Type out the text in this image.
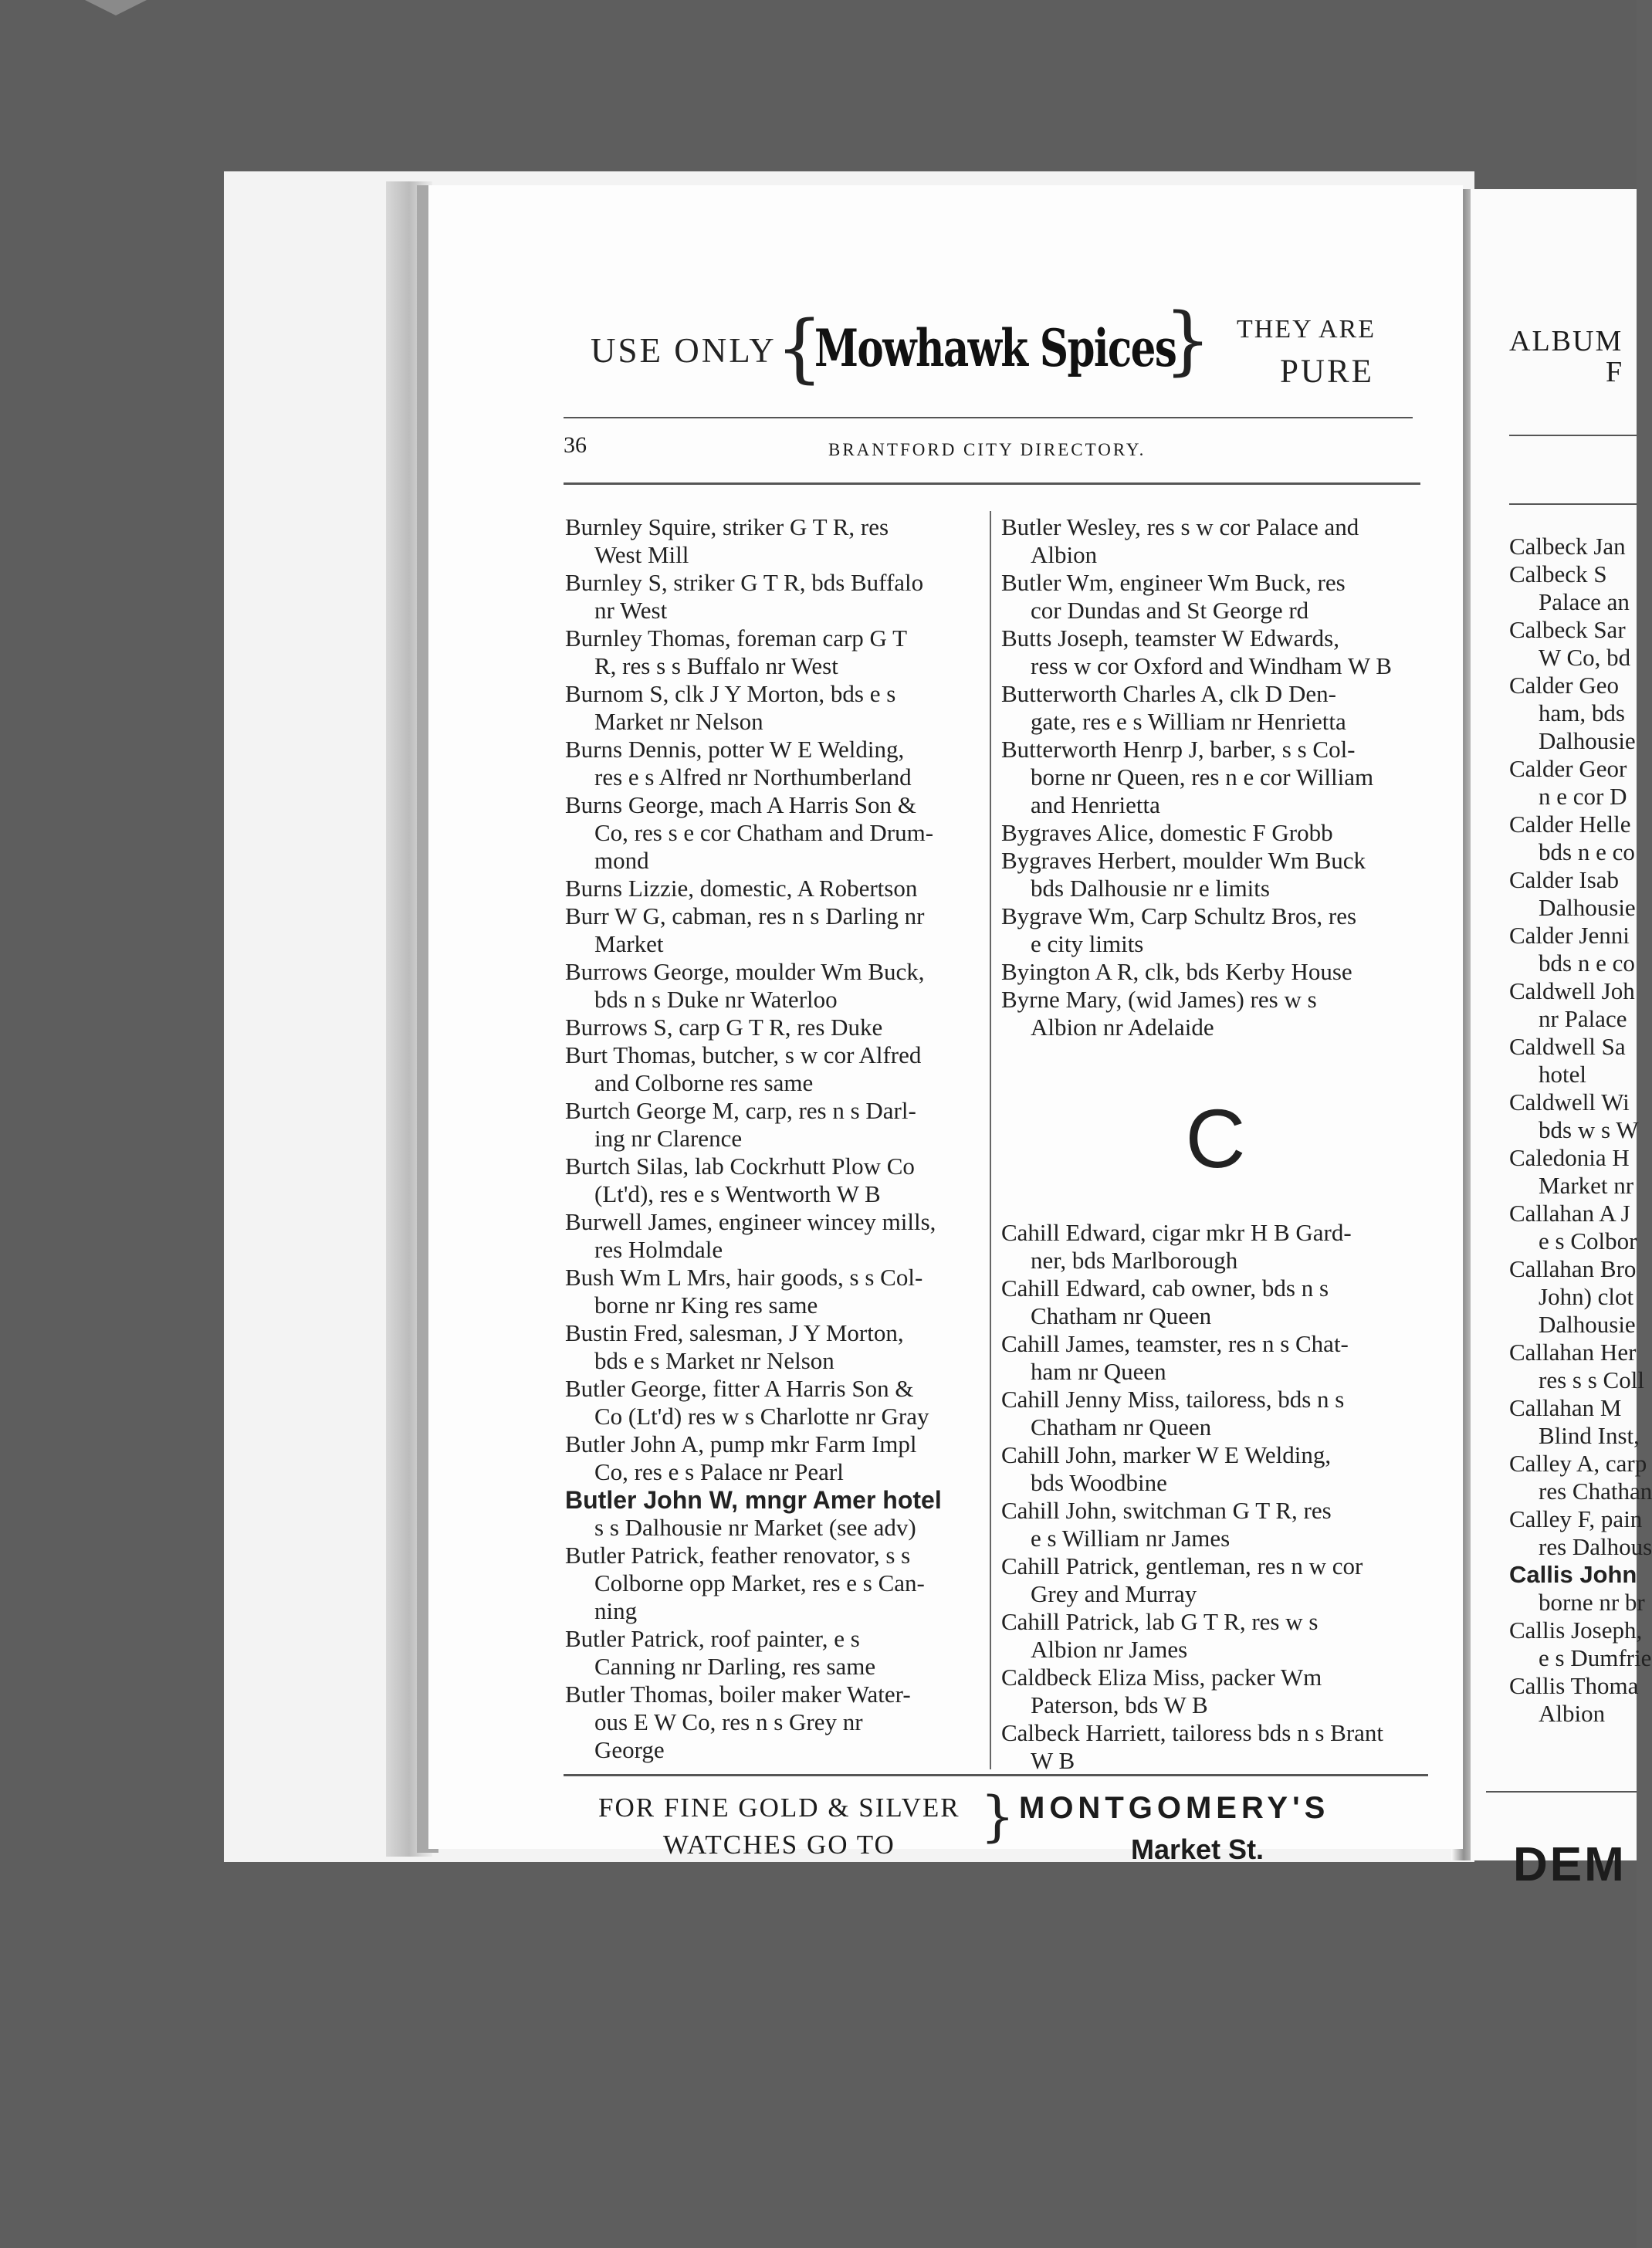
USE ONLY {
Mowhawk Spices
} THEY ARE
PURE
36	BRANTFORD CITY DIRECTORY.
Burnley Squire, striker G T R, res
West Mill
Burnley S, striker G T R, bds Buffalo
nr West
Burnley Thomas, foreman carp G T
R, res s s Buffalo nr West
Burnom S, clk J Y Morton, bds e s
Market nr Nelson
Burns Dennis, potter W E Welding,
res e s Alfred nr Northumberland
Burns George, mach A Harris Son &
Co, res s e cor Chatham and Drum-
mond
Burns Lizzie, domestic, A Robertson
Burr W G, cabman, res n s Darling nr
Market
Burrows George, moulder Wm Buck,
bds n s Duke nr Waterloo
Burrows S, carp G T R, res Duke
Burt Thomas, butcher, s w cor Alfred
and Colborne res same
Burtch George M, carp, res n s Darl-
ing nr Clarence
Burtch Silas, lab Cockrhutt Plow Co
(Lt'd), res e s Wentworth W B
Burwell James, engineer wincey mills,
res Holmdale
Bush Wm L Mrs, hair goods, s s Col-
borne nr King res same
Bustin Fred, salesman, J Y Morton,
bds e s Market nr Nelson
Butler George, fitter A Harris Son &
Co (Lt'd) res w s Charlotte nr Gray
Butler John A, pump mkr Farm Impl
Co, res e s Palace nr Pearl
Butler John W, mngr Amer hotel
s s Dalhousie nr Market (see adv)
Butler Patrick, feather renovator, s s
Colborne opp Market, res e s Can-
ning
Butler Patrick, roof painter, e s
Canning nr Darling, res same
Butler Thomas, boiler maker Water-
ous E W Co, res n s Grey nr
George
Butler Wesley, res s w cor Palace and
Albion
Butler Wm, engineer Wm Buck, res
cor Dundas and St George rd
Butts Joseph, teamster W Edwards,
ress w cor Oxford and Windham W B
Butterworth Charles A, clk D Den-
gate, res e s William nr Henrietta
Butterworth Henrp J, barber, s s Col-
borne nr Queen, res n e cor William
and Henrietta
Bygraves Alice, domestic F Grobb
Bygraves Herbert, moulder Wm Buck
bds Dalhousie nr e limits
Bygrave Wm, Carp Schultz Bros, res
e city limits
Byington A R, clk, bds Kerby House
Byrne Mary, (wid James) res w s
Albion nr Adelaide
C
Cahill Edward, cigar mkr H B Gard-
ner, bds Marlborough
Cahill Edward, cab owner, bds n s
Chatham nr Queen
Cahill James, teamster, res n s Chat-
ham nr Queen
Cahill Jenny Miss, tailoress, bds n s
Chatham nr Queen
Cahill John, marker W E Welding,
bds Woodbine
Cahill John, switchman G T R, res
e s William nr James
Cahill Patrick, gentleman, res n w cor
Grey and Murray
Cahill Patrick, lab G T R, res w s
Albion nr James
Caldbeck Eliza Miss, packer Wm
Paterson, bds W B
Calbeck Harriett, tailoress bds n s Brant
W B
FOR FINE GOLD & SILVER
WATCHES GO TO	} MONTGOMERY'S
Market St.
ALBUM
F
Calbeck Jan
Calbeck S
Palace an
Calbeck Sar
W Co, bd
Calder Geo
ham, bds
Dalhousie
Calder Geor
n e cor D
Calder Helle
bds n e co
Calder Isab
Dalhousie
Calder Jenni
bds n e co
Caldwell Joh
nr Palace
Caldwell Sa
hotel
Caldwell Wi
bds w s W
Caledonia H
Market nr
Callahan A J
e s Colbor
Callahan Bro
John) clot
Dalhousie
Callahan Her
res s s Coll
Callahan M
Blind Inst,
Calley A, carp
res Chathan
Calley F, pain
res Dalhous
Callis John
borne nr br
Callis Joseph,
e s Dumfrie
Callis Thoma
Albion
DEM
